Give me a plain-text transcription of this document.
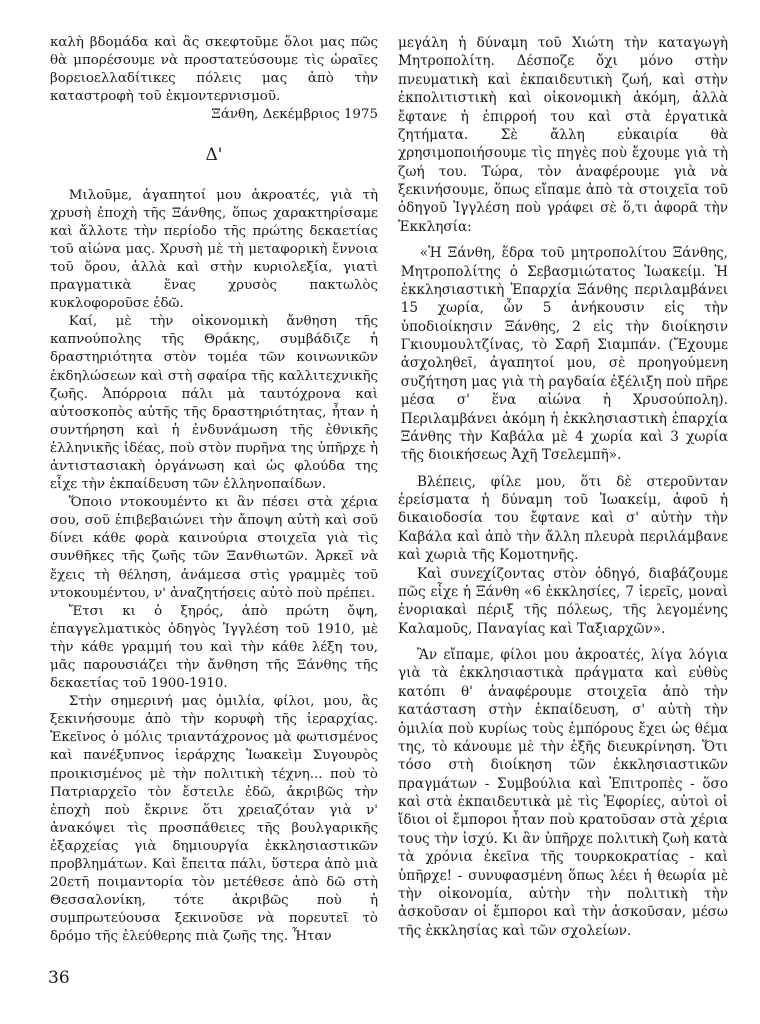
καλὴ βδομάδα καὶ ἂς σκεφτοῦμε ὅλοι μας πῶς θὰ μπορέσουμε νὰ προστατεύσουμε τὶς ὡραῖες βορειοελλαδίτικες πόλεις μας ἀπὸ τὴν καταστροφὴ τοῦ ἐκμοντερνισμοῦ.

Ξάνθη, Δεκέμβριος 1975

Δ'

Μιλοῦμε, ἀγαπητοί μου ἀκροατές, γιὰ τὴ χρυσὴ ἐποχὴ τῆς Ξάνθης, ὅπως χαρακτηρίσαμε καὶ ἄλλοτε τὴν περίοδο τῆς πρώτης δεκαετίας τοῦ αἰώνα μας. Χρυσὴ μὲ τὴ μεταφορικὴ ἔννοια τοῦ ὅρου, ἀλλὰ καὶ στὴν κυριολεξία, γιατὶ πραγματικὰ ἕνας χρυσὸς πακτωλὸς κυκλοφοροῦσε ἐδῶ.

Καί, μὲ τὴν οἰκονομικὴ ἄνθηση τῆς καπνούπολης τῆς Θράκης, συμβάδιζε ἡ δραστηριότητα στὸν τομέα τῶν κοινωνικῶν ἐκδηλώσεων καὶ στὴ σφαίρα τῆς καλλιτεχνικῆς ζωῆς. Ἀπόρροια πάλι μὰ ταυτόχρονα καὶ αὐτοσκοπὸς αὐτῆς τῆς δραστηριότητας, ἦταν ἡ συντήρηση καὶ ἡ ἐνδυνάμωση τῆς ἐθνικῆς ἑλληνικῆς ἰδέας, ποὺ στὸν πυρῆνα της ὑπῆρχε ἡ ἀντιστασιακὴ ὀργάνωση καὶ ὡς φλούδα της εἶχε τὴν ἐκπαίδευση τῶν ἑλληνοπαίδων.

Ὅποιο ντοκουμέντο κι ἂν πέσει στὰ χέρια σου, σοῦ ἐπιβεβαιώνει τὴν ἄποψη αὐτὴ καὶ σοῦ δίνει κάθε φορὰ καινούρια στοιχεῖα γιὰ τὶς συνθῆκες τῆς ζωῆς τῶν Ξανθιωτῶν. Ἀρκεῖ νὰ ἔχεις τὴ θέληση, ἀνάμεσα στὶς γραμμὲς τοῦ ντοκουμέντου, ν' ἀναζητήσεις αὐτὸ ποὺ πρέπει.

Ἔτσι κι ὁ ξηρός, ἀπὸ πρώτη ὄψη, ἐπαγγελματικὸς ὁδηγὸς Ἰγγλέση τοῦ 1910, μὲ τὴν κάθε γραμμή του καὶ τὴν κάθε λέξη του, μᾶς παρουσιάζει τὴν ἄνθηση τῆς Ξάνθης τῆς δεκαετίας τοῦ 1900-1910.

Στὴν σημερινή μας ὁμιλία, φίλοι, μου, ἂς ξεκινήσουμε ἀπὸ τὴν κορυφὴ τῆς ἱεραρχίας. Ἐκεῖνος ὁ μόλις τριαντάχρονος μὰ φωτισμένος καὶ πανέξυπνος ἱεράρχης Ἰωακεὶμ Συγουρὸς προικισμένος μὲ τὴν πολιτικὴ τέχνη... ποὺ τὸ Πατριαρχεῖο τὸν ἔστειλε ἐδῶ, ἀκριβῶς τὴν ἐποχὴ ποὺ ἔκρινε ὅτι χρειαζόταν γιὰ ν' ἀνακόψει τὶς προσπάθειες τῆς βουλγαρικῆς ἐξαρχείας γιὰ δημιουργία ἐκκλησιαστικῶν προβλημάτων. Καὶ ἔπειτα πάλι, ὕστερα ἀπὸ μιὰ 20ετῆ ποιμαντορία τὸν μετέθεσε ἀπὸ δῶ στὴ Θεσσαλονίκη, τότε ἀκριβῶς ποὺ ἡ συμπρωτεύουσα ξεκινοῦσε νὰ πορευτεῖ τὸ δρόμο τῆς ἐλεύθερης πιὰ ζωῆς της. Ἦταν

μεγάλη ἡ δύναμη τοῦ Χιώτη τὴν καταγωγὴ Μητροπολίτη. Δέσποζε ὄχι μόνο στὴν πνευματικὴ καὶ ἐκπαιδευτικὴ ζωή, καὶ στὴν ἐκπολιτιστικὴ καὶ οἰκονομικὴ ἀκόμη, ἀλλὰ ἔφτανε ἡ ἐπιρροή του καὶ στὰ ἐργατικὰ ζητήματα. Σὲ ἄλλη εὐκαιρία θὰ χρησιμοποιήσουμε τὶς πηγὲς ποὺ ἔχουμε γιὰ τὴ ζωή του. Τώρα, τὸν ἀναφέρουμε γιὰ νὰ ξεκινήσουμε, ὅπως εἴπαμε ἀπὸ τὰ στοιχεῖα τοῦ ὁδηγοῦ Ἰγγλέση ποὺ γράφει σὲ ὅ,τι ἀφορᾶ τὴν Ἐκκλησία:

«Ἡ Ξάνθη, ἕδρα τοῦ μητροπολίτου Ξάνθης, Μητροπολίτης ὁ Σεβασμιώτατος Ἰωακείμ. Ἡ ἐκκλησιαστικὴ Ἐπαρχία Ξάνθης περιλαμβάνει 15 χωρία, ὧν 5 ἀνήκουσιν εἰς τὴν ὑποδιοίκησιν Ξάνθης, 2 εἰς τὴν διοίκησιν Γκιουμουλτζίνας, τὸ Σαρῆ Σιαμπάν. (Ἔχουμε ἀσχοληθεῖ, ἀγαπητοί μου, σὲ προηγούμενη συζήτηση μας γιὰ τὴ ραγδαία ἐξέλιξη ποὺ πῆρε μέσα σ' ἕνα αἰώνα ἡ Χρυσούπολη). Περιλαμβάνει ἀκόμη ἡ ἐκκλησιαστικὴ ἐπαρχία Ξάνθης τὴν Καβάλα μὲ 4 χωρία καὶ 3 χωρία τῆς διοικήσεως Ἀχῆ Τσελεμπῆ».

Βλέπεις, φίλε μου, ὅτι δὲ στεροῦνταν ἐρείσματα ἡ δύναμη τοῦ Ἰωακείμ, ἀφοῦ ἡ δικαιοδοσία του ἔφτανε καὶ σ' αὐτὴν τὴν Καβάλα καὶ ἀπὸ τὴν ἄλλη πλευρὰ περιλάμβανε καὶ χωριὰ τῆς Κομοτηνῆς.

Καὶ συνεχίζοντας στὸν ὁδηγό, διαβάζουμε πῶς εἶχε ἡ Ξάνθη «6 ἐκκλησίες, 7 ἱερεῖς, μοναὶ ἐνοριακαὶ πέριξ τῆς πόλεως, τῆς λεγομένης Καλαμοῦς, Παναγίας καὶ Ταξιαρχῶν».

Ἂν εἴπαμε, φίλοι μου ἀκροατές, λίγα λόγια γιὰ τὰ ἐκκλησιαστικὰ πράγματα καὶ εὐθὺς κατόπι θ' ἀναφέρουμε στοιχεῖα ἀπὸ τὴν κατάσταση στὴν ἐκπαίδευση, σ' αὐτὴ τὴν ὁμιλία ποὺ κυρίως τοὺς ἐμπόρους ἔχει ὡς θέμα της, τὸ κάνουμε μὲ τὴν ἐξῆς διευκρίνηση. Ὅτι τόσο στὴ διοίκηση τῶν ἐκκλησιαστικῶν πραγμάτων - Συμβούλια καὶ Ἐπιτροπὲς - ὅσο καὶ στὰ ἐκπαιδευτικὰ μὲ τὶς Ἐφορίες, αὐτοὶ οἱ ἴδιοι οἱ ἔμποροι ἦταν ποὺ κρατοῦσαν στὰ χέρια τους τὴν ἰσχύ. Κι ἂν ὑπῆρχε πολιτικὴ ζωὴ κατὰ τὰ χρόνια ἐκεῖνα τῆς τουρκοκρατίας - καὶ ὑπῆρχε! - συνυφασμένη ὅπως λέει ἡ θεωρία μὲ τὴν οἰκονομία, αὐτὴν τὴν πολιτικὴ τὴν ἀσκοῦσαν οἱ ἔμποροι καὶ τὴν ἀσκοῦσαν, μέσω τῆς ἐκκλησίας καὶ τῶν σχολείων.

36
